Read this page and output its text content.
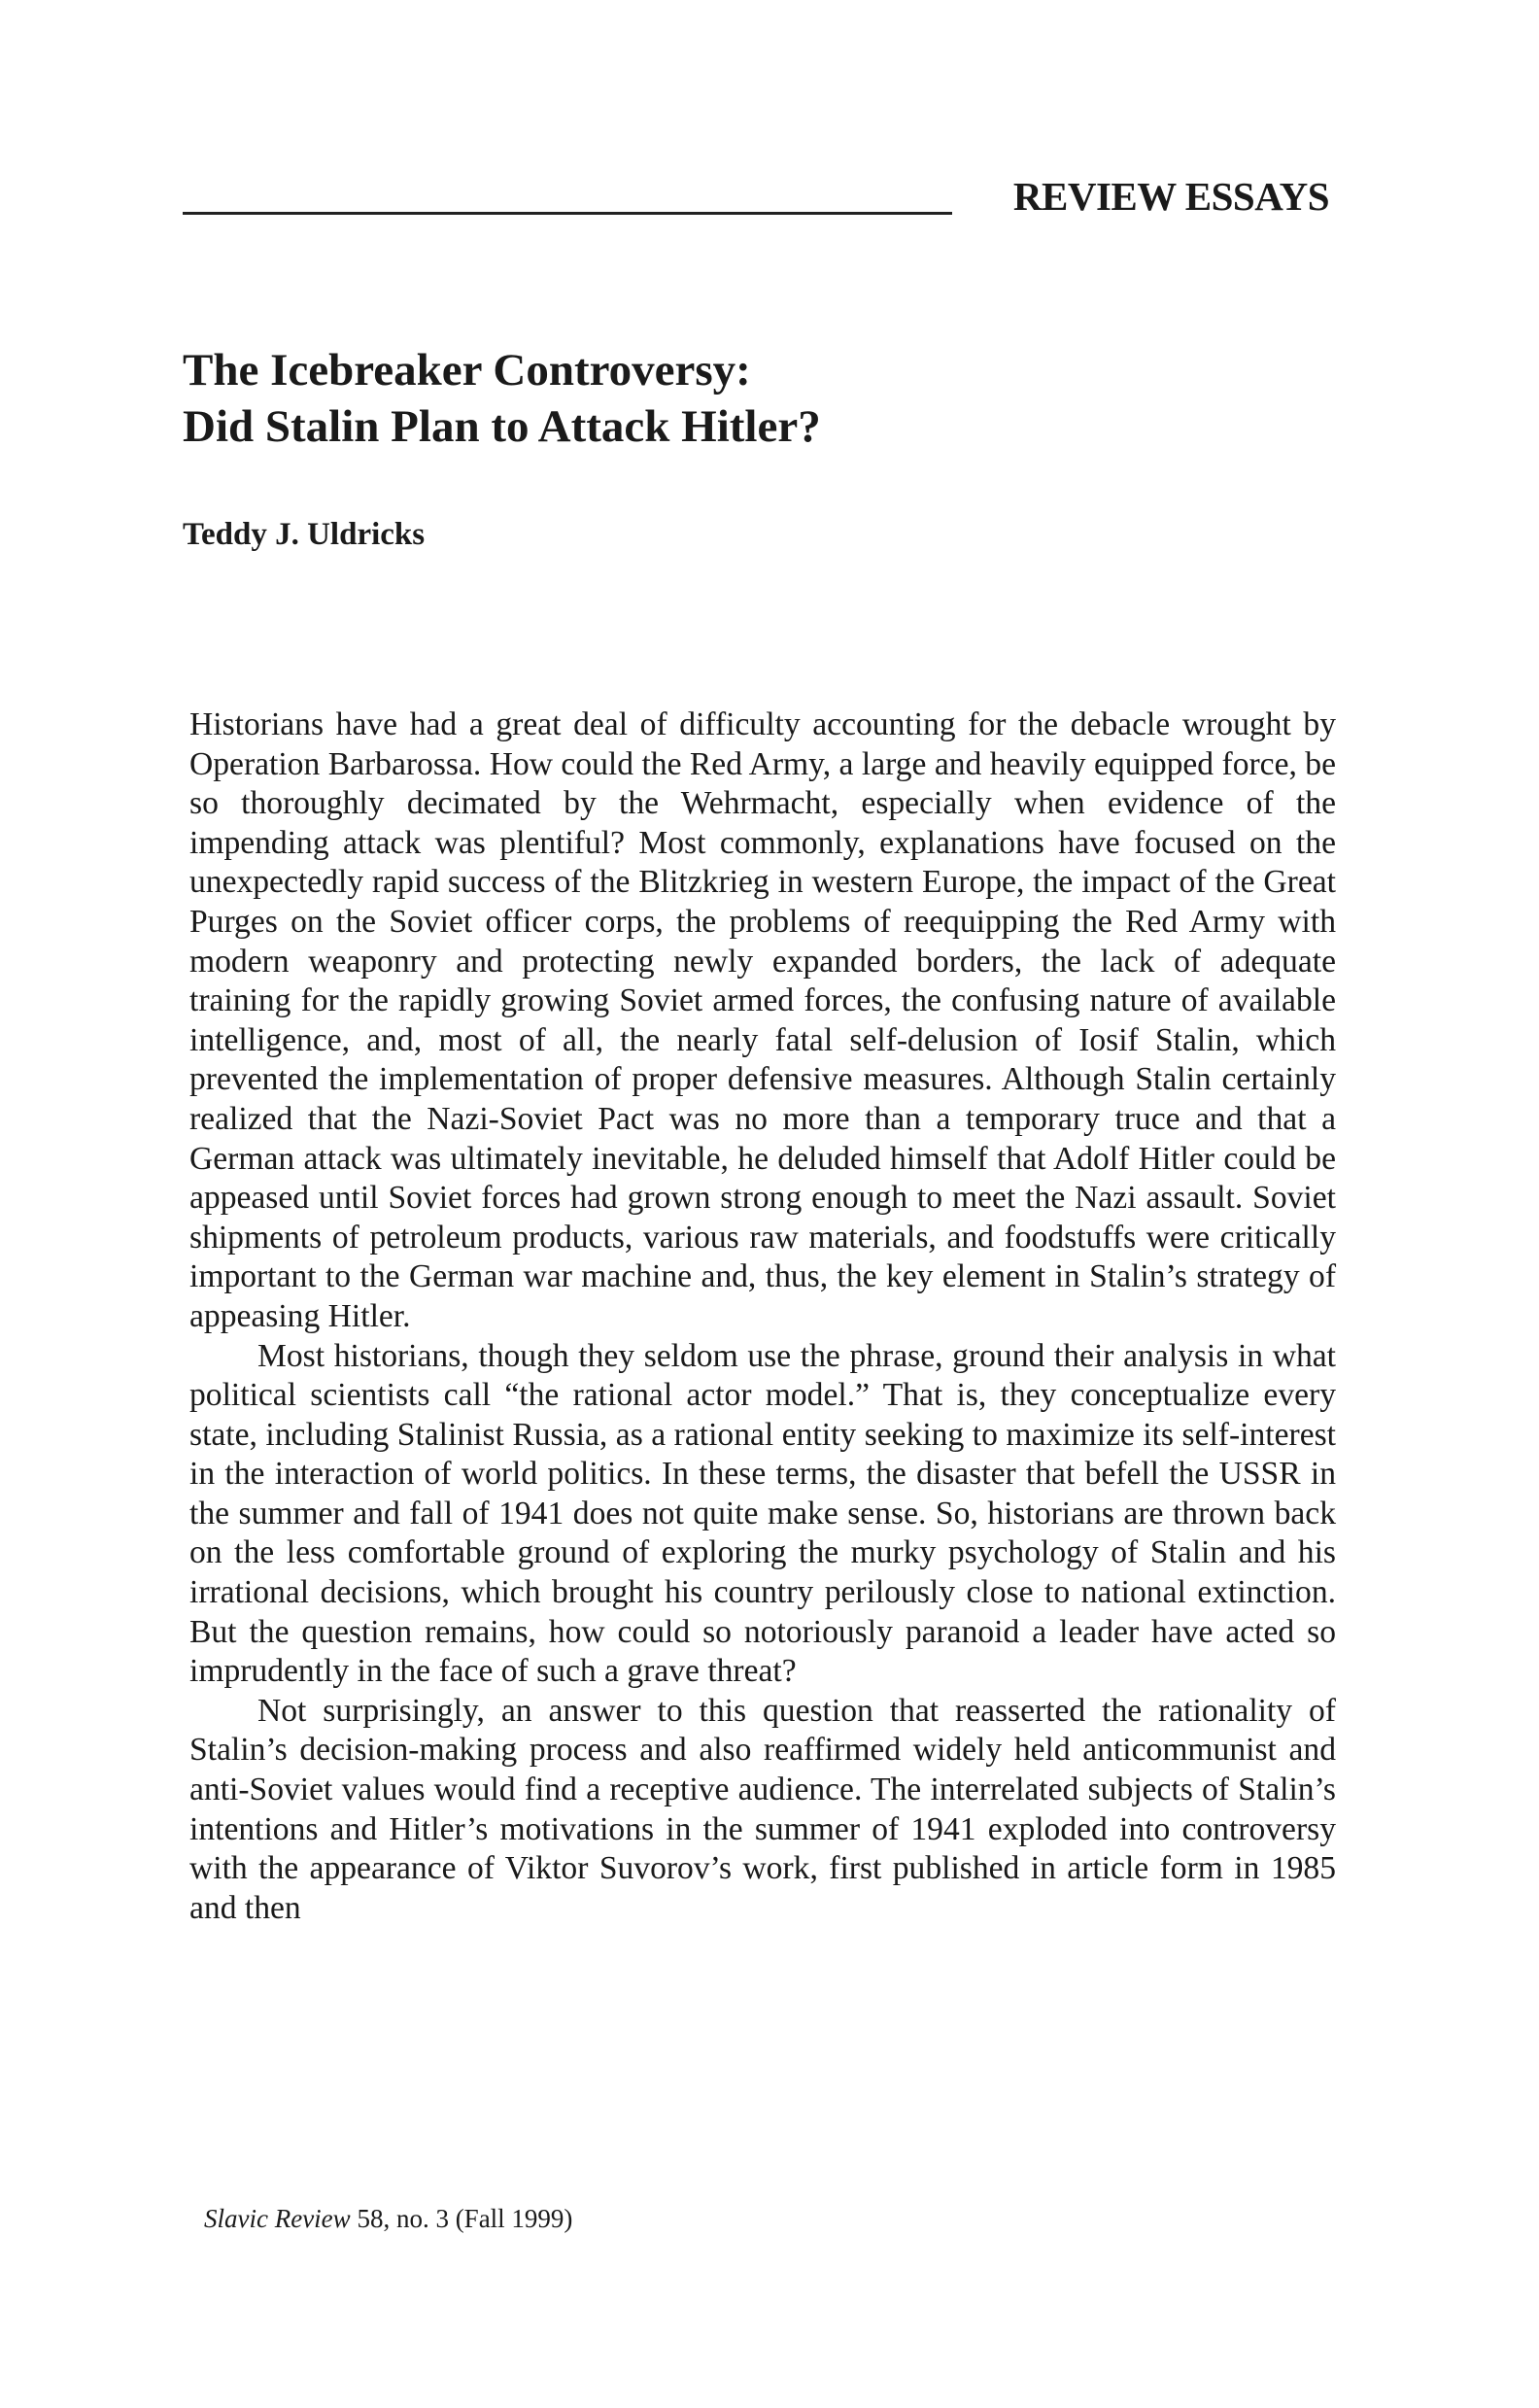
REVIEW ESSAYS
The Icebreaker Controversy:
Did Stalin Plan to Attack Hitler?

Teddy J. Uldricks

Historians have had a great deal of difficulty accounting for the debacle wrought by Operation Barbarossa. How could the Red Army, a large and heavily equipped force, be so thoroughly decimated by the Wehrmacht, especially when evidence of the impending attack was plentiful? Most commonly, explanations have focused on the unexpectedly rapid success of the Blitzkrieg in western Europe, the impact of the Great Purges on the Soviet officer corps, the problems of reequipping the Red Army with modern weaponry and protecting newly expanded borders, the lack of adequate training for the rapidly growing Soviet armed forces, the confusing nature of available intelligence, and, most of all, the nearly fatal self-delusion of Iosif Stalin, which prevented the implementation of proper defensive measures. Although Stalin certainly realized that the Nazi-Soviet Pact was no more than a temporary truce and that a German attack was ultimately inevitable, he deluded himself that Adolf Hitler could be appeased until Soviet forces had grown strong enough to meet the Nazi assault. Soviet shipments of petroleum products, various raw materials, and foodstuffs were critically important to the German war machine and, thus, the key element in Stalin’s strategy of appeasing Hitler.

Most historians, though they seldom use the phrase, ground their analysis in what political scientists call “the rational actor model.” That is, they conceptualize every state, including Stalinist Russia, as a rational entity seeking to maximize its self-interest in the interaction of world politics. In these terms, the disaster that befell the USSR in the summer and fall of 1941 does not quite make sense. So, historians are thrown back on the less comfortable ground of exploring the murky psychology of Stalin and his irrational decisions, which brought his country perilously close to national extinction. But the question remains, how could so notoriously paranoid a leader have acted so imprudently in the face of such a grave threat?

Not surprisingly, an answer to this question that reasserted the rationality of Stalin’s decision-making process and also reaffirmed widely held anticommunist and anti-Soviet values would find a receptive audience. The interrelated subjects of Stalin’s intentions and Hitler’s motivations in the summer of 1941 exploded into controversy with the appearance of Viktor Suvorov’s work, first published in article form in 1985 and then

Slavic Review 58, no. 3 (Fall 1999)
